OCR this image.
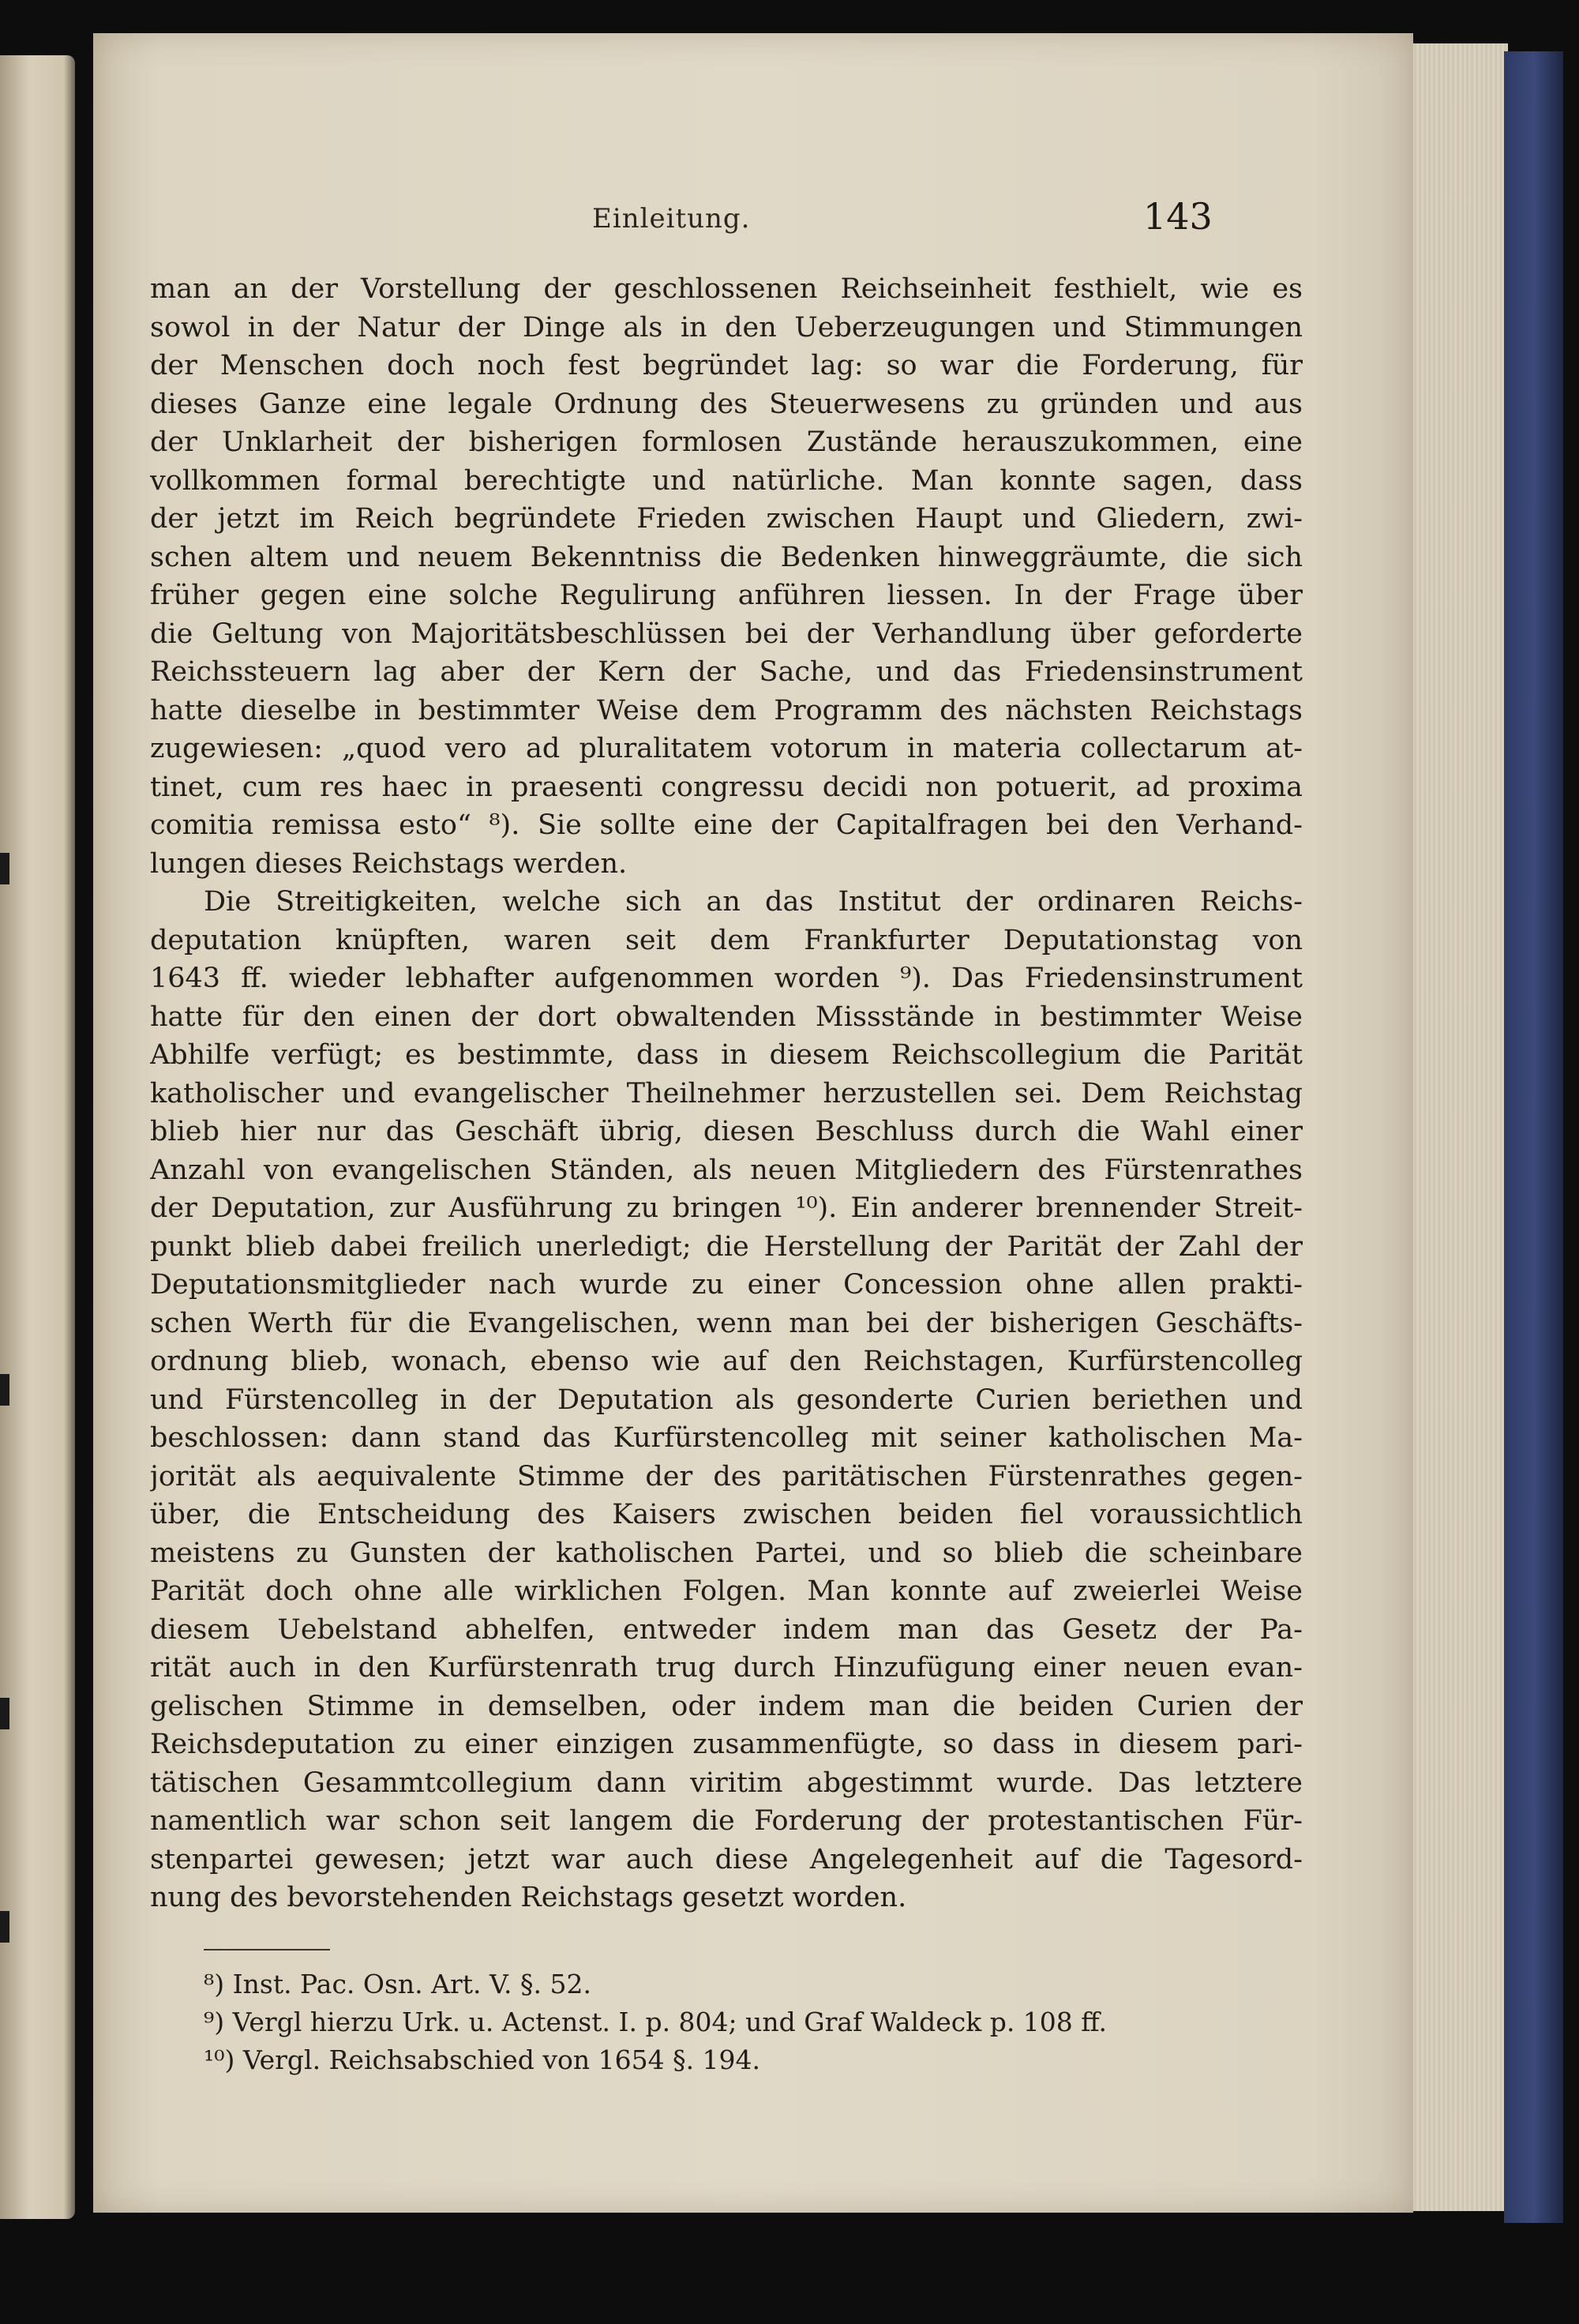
Einleitung.	143
man an der Vorstellung der geschlossenen Reichseinheit festhielt, wie es
sowol in der Natur der Dinge als in den Ueberzeugungen und Stimmungen
der Menschen doch noch fest begründet lag: so war die Forderung, für
dieses Ganze eine legale Ordnung des Steuerwesens zu gründen und aus
der Unklarheit der bisherigen formlosen Zustände herauszukommen, eine
vollkommen formal berechtigte und natürliche. Man konnte sagen, dass
der jetzt im Reich begründete Frieden zwischen Haupt und Gliedern, zwi-
schen altem und neuem Bekenntniss die Bedenken hinweggräumte, die sich
früher gegen eine solche Regulirung anführen liessen. In der Frage über
die Geltung von Majoritätsbeschlüssen bei der Verhandlung über geforderte
Reichssteuern lag aber der Kern der Sache, und das Friedensinstrument
hatte dieselbe in bestimmter Weise dem Programm des nächsten Reichstags
zugewiesen: „quod vero ad pluralitatem votorum in materia collectarum at-
tinet, cum res haec in praesenti congressu decidi non potuerit, ad proxima
comitia remissa esto“ ⁸). Sie sollte eine der Capitalfragen bei den Verhand-
lungen dieses Reichstags werden.
Die Streitigkeiten, welche sich an das Institut der ordinaren Reichs-
deputation knüpften, waren seit dem Frankfurter Deputationstag von
1643 ff. wieder lebhafter aufgenommen worden ⁹). Das Friedensinstrument
hatte für den einen der dort obwaltenden Missstände in bestimmter Weise
Abhilfe verfügt; es bestimmte, dass in diesem Reichscollegium die Parität
katholischer und evangelischer Theilnehmer herzustellen sei. Dem Reichstag
blieb hier nur das Geschäft übrig, diesen Beschluss durch die Wahl einer
Anzahl von evangelischen Ständen, als neuen Mitgliedern des Fürstenrathes
der Deputation, zur Ausführung zu bringen ¹⁰). Ein anderer brennender Streit-
punkt blieb dabei freilich unerledigt; die Herstellung der Parität der Zahl der
Deputationsmitglieder nach wurde zu einer Concession ohne allen prakti-
schen Werth für die Evangelischen, wenn man bei der bisherigen Geschäfts-
ordnung blieb, wonach, ebenso wie auf den Reichstagen, Kurfürstencolleg
und Fürstencolleg in der Deputation als gesonderte Curien beriethen und
beschlossen: dann stand das Kurfürstencolleg mit seiner katholischen Ma-
jorität als aequivalente Stimme der des paritätischen Fürstenrathes gegen-
über, die Entscheidung des Kaisers zwischen beiden fiel voraussichtlich
meistens zu Gunsten der katholischen Partei, und so blieb die scheinbare
Parität doch ohne alle wirklichen Folgen. Man konnte auf zweierlei Weise
diesem Uebelstand abhelfen, entweder indem man das Gesetz der Pa-
rität auch in den Kurfürstenrath trug durch Hinzufügung einer neuen evan-
gelischen Stimme in demselben, oder indem man die beiden Curien der
Reichsdeputation zu einer einzigen zusammenfügte, so dass in diesem pari-
tätischen Gesammtcollegium dann viritim abgestimmt wurde. Das letztere
namentlich war schon seit langem die Forderung der protestantischen Für-
stenpartei gewesen; jetzt war auch diese Angelegenheit auf die Tagesord-
nung des bevorstehenden Reichstags gesetzt worden.
⁸) Inst. Pac. Osn. Art. V. §. 52.
⁹) Vergl hierzu Urk. u. Actenst. I. p. 804; und Graf Waldeck p. 108 ff.
¹⁰) Vergl. Reichsabschied von 1654 §. 194.
